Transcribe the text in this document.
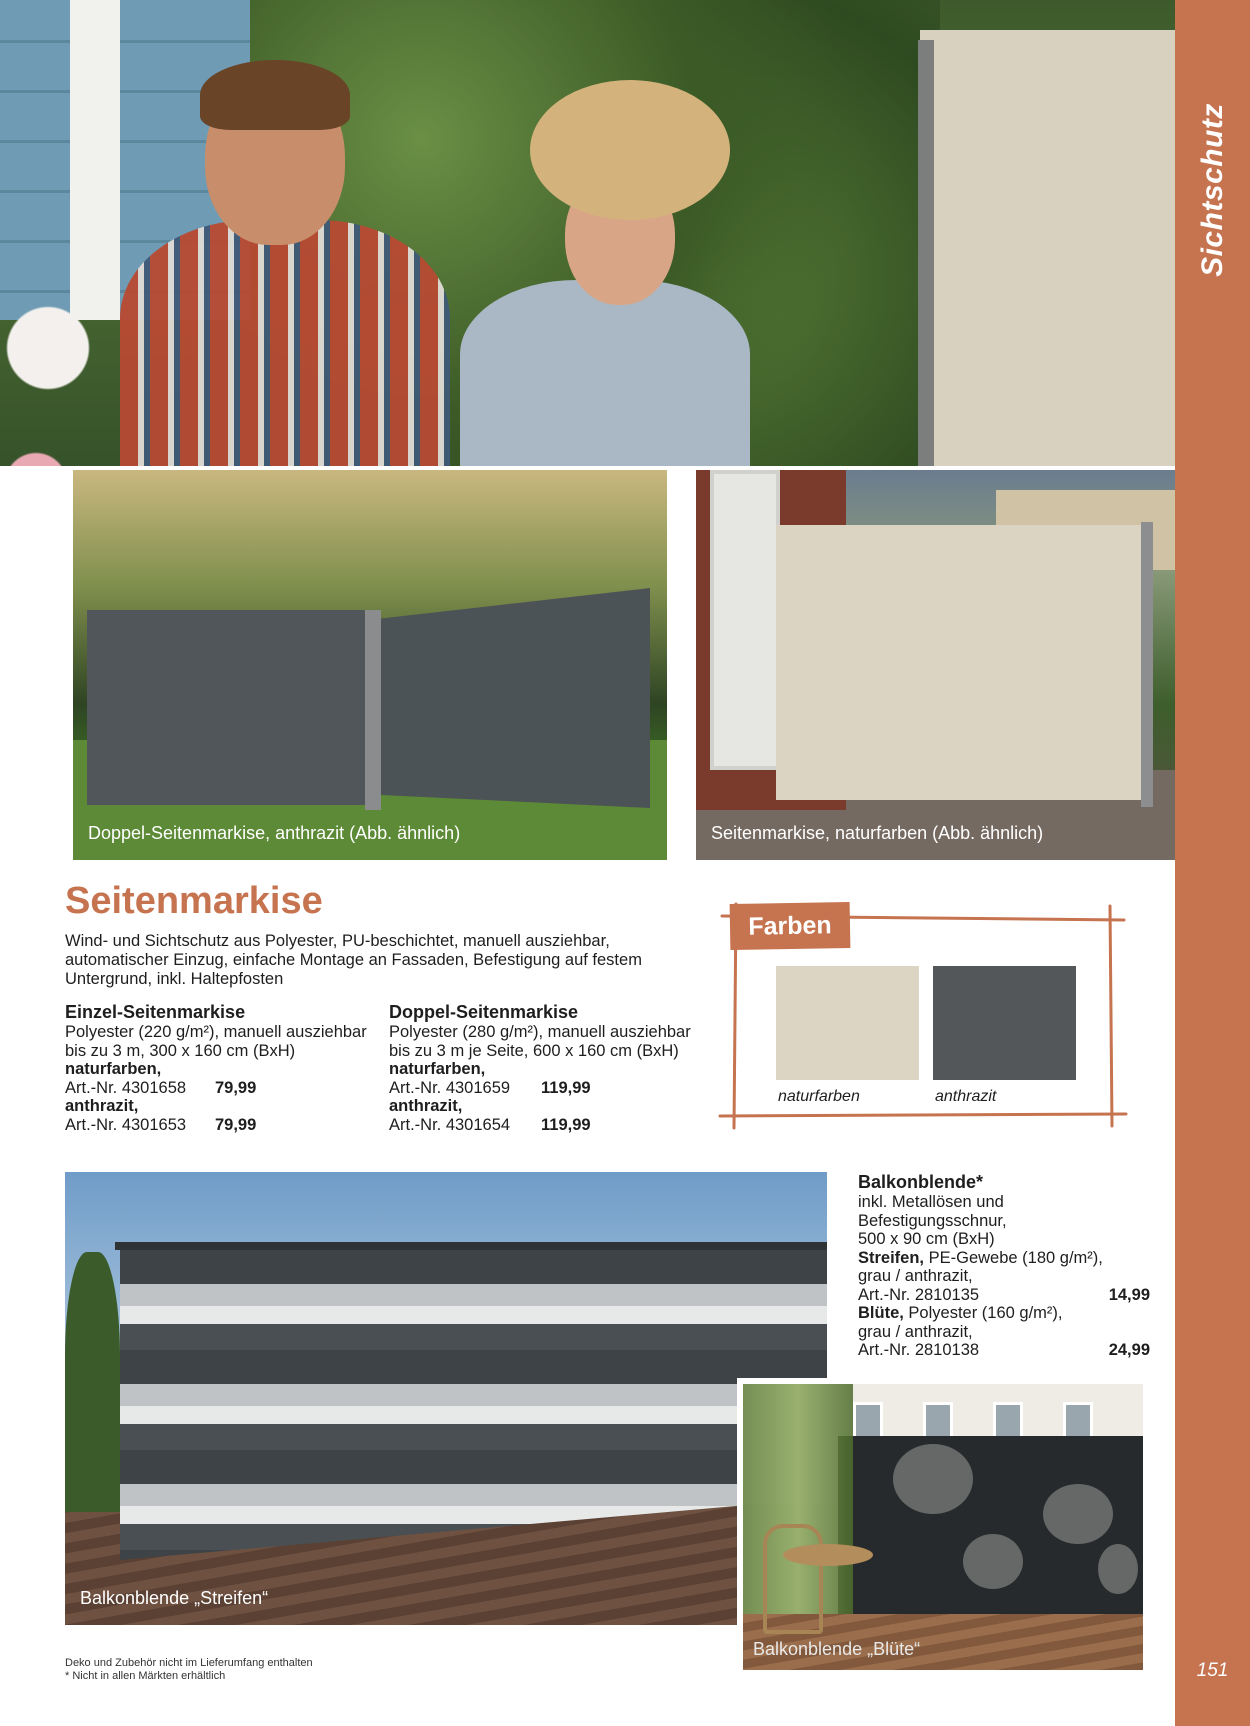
Sichtschutz
151
Doppel-Seitenmarkise, anthrazit (Abb. ähnlich)	Seitenmarkise, naturfarben (Abb. ähnlich)
Seitenmarkise
Wind- und Sichtschutz aus Polyester, PU-beschichtet, manuell ausziehbar, automatischer Einzug, einfache Montage an Fassaden, Befestigung auf festem Untergrund, inkl. Haltepfosten
Einzel-Seitenmarkise
Polyester (220 g/m²), manuell ausziehbar
bis zu 3 m, 300 x 160 cm (BxH)
naturfarben,
Art.-Nr. 4301658	79,99
anthrazit,
Art.-Nr. 4301653	79,99
Doppel-Seitenmarkise
Polyester (280 g/m²), manuell ausziehbar
bis zu 3 m je Seite, 600 x 160 cm (BxH)
naturfarben,
Art.-Nr. 4301659	119,99
anthrazit,
Art.-Nr. 4301654	119,99
Farben
naturfarben	anthrazit
Balkonblende „Streifen“
Balkonblende*
inkl. Metallösen und Befestigungsschnur,
500 x 90 cm (BxH)
Streifen, PE-Gewebe (180 g/m²),
grau / anthrazit,
Art.-Nr. 2810135	14,99
Blüte, Polyester (160 g/m²),
grau / anthrazit,
Art.-Nr. 2810138	24,99
Balkonblende „Blüte“
Deko und Zubehör nicht im Lieferumfang enthalten
* Nicht in allen Märkten erhältlich
